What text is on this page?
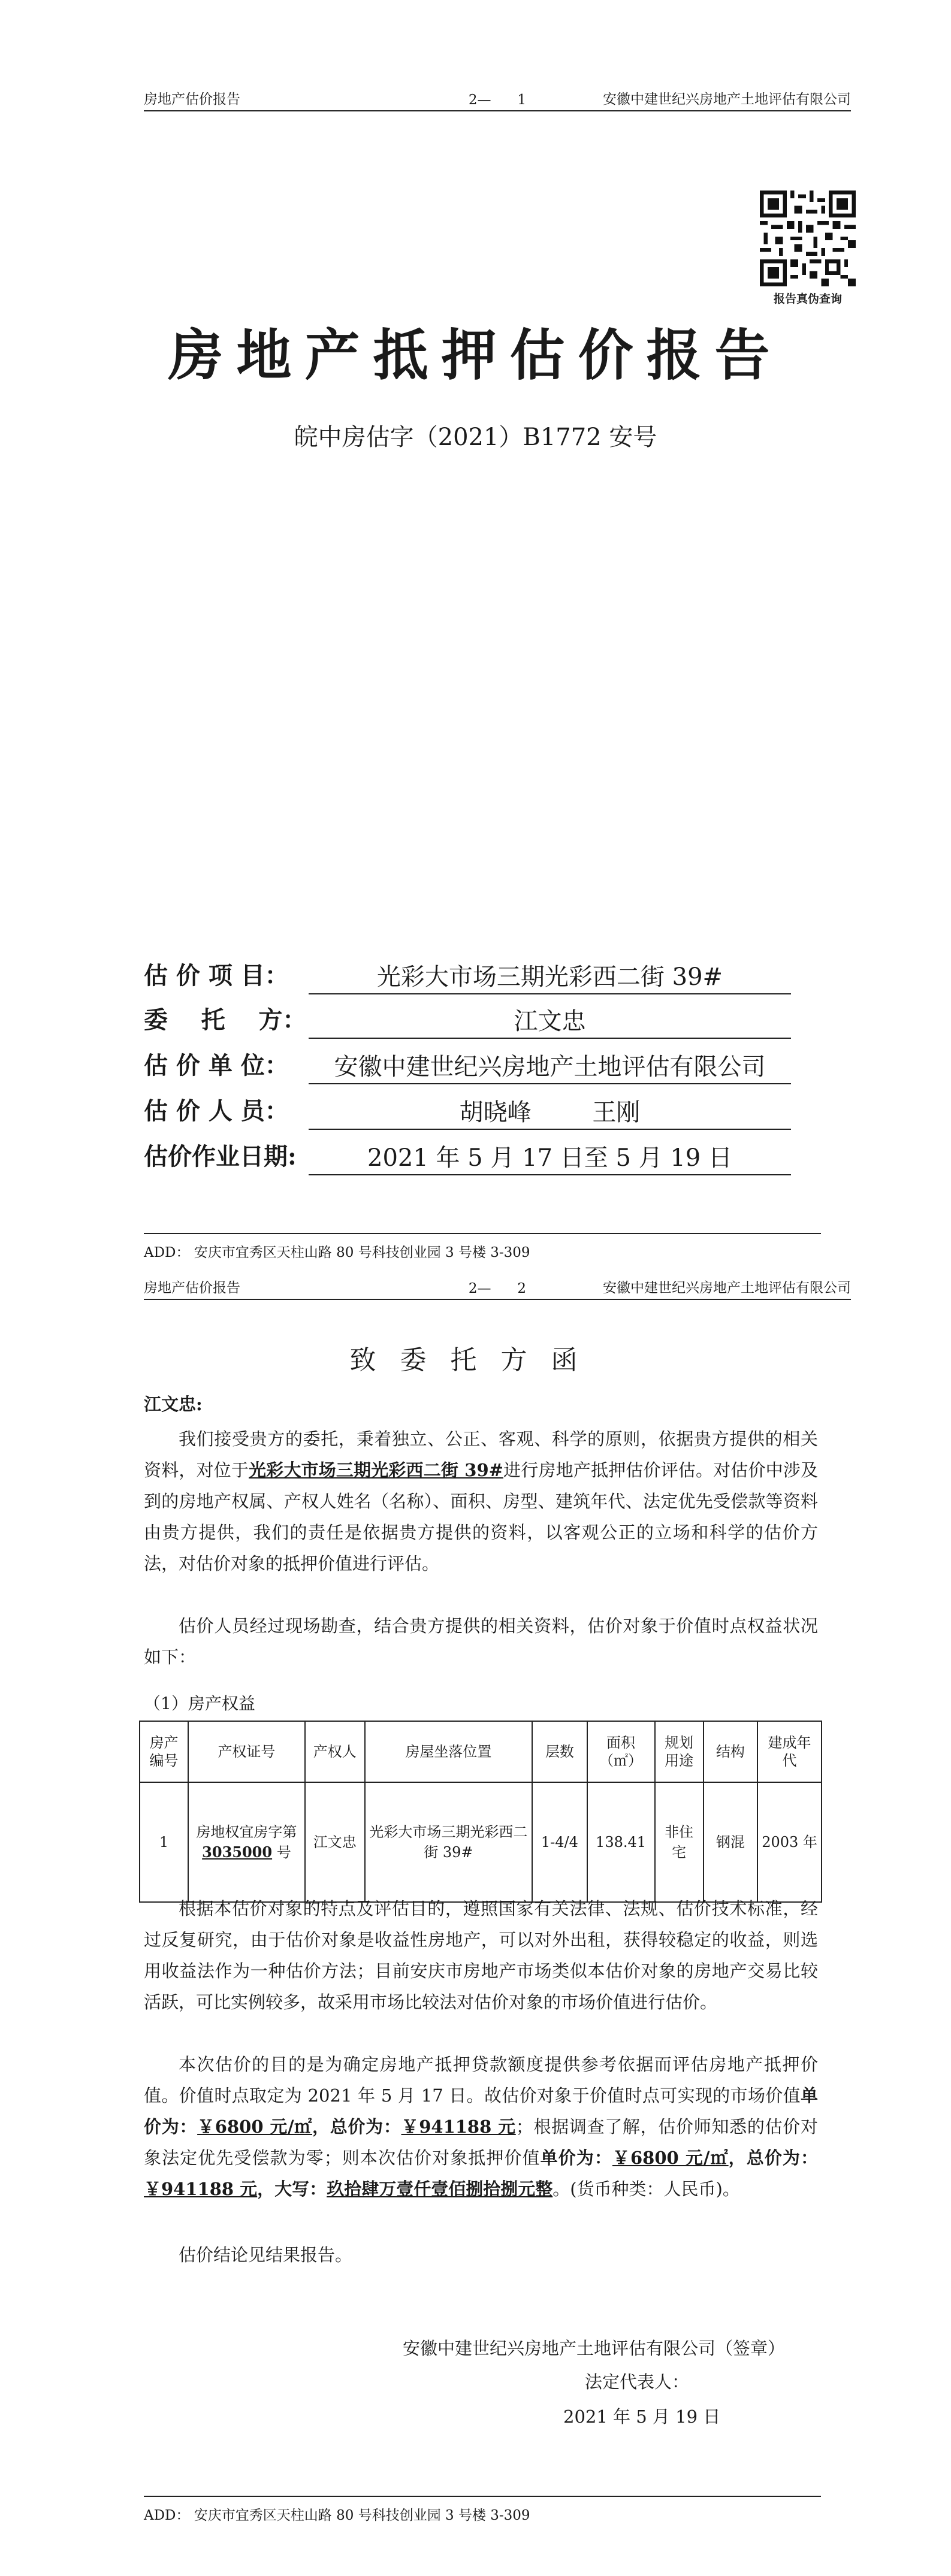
房地产估价报告	2—      1	安徽中建世纪兴房地产土地评估有限公司
报告真伪查询
房地产抵押估价报告
皖中房估字（2021）B1772 安号
估 价 项 目：	光彩大市场三期光彩西二街 39#
委    托    方：	江文忠
估 价 单 位：	安徽中建世纪兴房地产土地评估有限公司
估 价 人 员：	胡晓峰        王刚
估价作业日期:	2021 年 5 月 17 日至 5 月 19 日
ADD： 安庆市宜秀区天柱山路 80 号科技创业园 3 号楼 3-309
房地产估价报告	2—      2	安徽中建世纪兴房地产土地评估有限公司
致委托方函
江文忠:
我们接受贵方的委托，秉着独立、公正、客观、科学的原则，依据贵方提供的相关资料，对位于光彩大市场三期光彩西二街 39#进行房地产抵押估价评估。对估价中涉及到的房地产权属、产权人姓名（名称）、面积、房型、建筑年代、法定优先受偿款等资料由贵方提供，我们的责任是依据贵方提供的资料，以客观公正的立场和科学的估价方法，对估价对象的抵押价值进行评估。
估价人员经过现场勘查，结合贵方提供的相关资料，估价对象于价值时点权益状况如下：
（1）房产权益
房产编号	产权证号	产权人	房屋坐落位置	层数	面积（㎡）	规划用途	结构	建成年代
1	房地权宜房字第 3035000 号	江文忠	光彩大市场三期光彩西二街 39#	1-4/4	138.41	非住宅	钢混	2003 年
根据本估价对象的特点及评估目的，遵照国家有关法律、法规、估价技术标准，经过反复研究，由于估价对象是收益性房地产，可以对外出租，获得较稳定的收益，则选用收益法作为一种估价方法；目前安庆市房地产市场类似本估价对象的房地产交易比较活跃，可比实例较多，故采用市场比较法对估价对象的市场价值进行估价。
本次估价的目的是为确定房地产抵押贷款额度提供参考依据而评估房地产抵押价值。价值时点取定为 2021 年 5 月 17 日。故估价对象于价值时点可实现的市场价值单价为：￥6800 元/㎡，总价为：￥941188 元；根据调查了解，估价师知悉的估价对象法定优先受偿款为零；则本次估价对象抵押价值单价为：￥6800 元/㎡，总价为：￥941188 元，大写：玖拾肆万壹仟壹佰捌拾捌元整。(货币种类：人民币)。
估价结论见结果报告。
安徽中建世纪兴房地产土地评估有限公司（签章）
法定代表人：
2021 年 5 月 19 日
ADD： 安庆市宜秀区天柱山路 80 号科技创业园 3 号楼 3-309
